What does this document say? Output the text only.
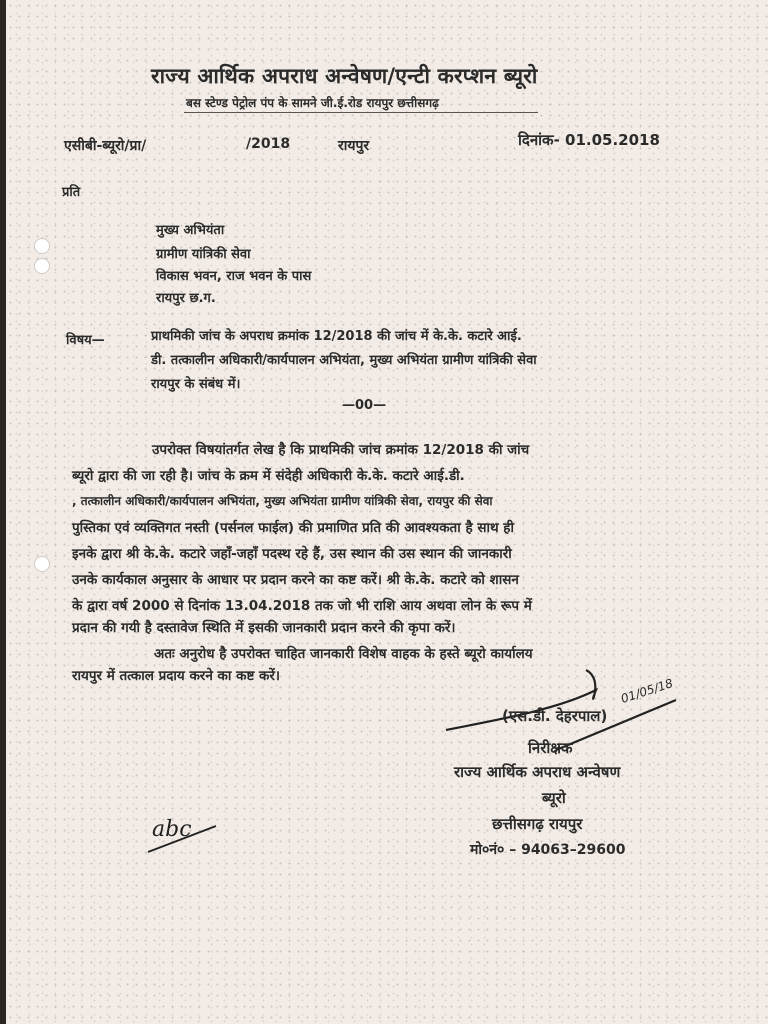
राज्य आर्थिक अपराध अन्वेषण/एन्टी करप्शन ब्यूरो
बस स्टेण्ड पेट्रोल पंप के सामने जी.ई.रोड रायपुर छत्तीसगढ़
एसीबी-ब्यूरो/प्रा/	/2018	रायपुर	दिनांक- 01.05.2018
प्रति
मुख्य अभियंता
ग्रामीण यांत्रिकी सेवा
विकास भवन, राज भवन के पास
रायपुर छ.ग.
विषय—	प्राथमिकी जांच के अपराध क्रमांक 12/2018 की जांच में के.के. कटारे आई.
डी. तत्कालीन अधिकारी/कार्यपालन अभियंता, मुख्य अभियंता ग्रामीण यांत्रिकी सेवा
रायपुर के संबंध में।
—00—
उपरोक्त विषयांतर्गत लेख है कि प्राथमिकी जांच क्रमांक 12/2018 की जांच
ब्यूरो द्वारा की जा रही है। जांच के क्रम में संदेही अधिकारी के.के. कटारे आई.डी.
, तत्कालीन अधिकारी/कार्यपालन अभियंता, मुख्य अभियंता ग्रामीण यांत्रिकी सेवा, रायपुर की सेवा
पुस्तिका एवं व्यक्तिगत नस्ती (पर्सनल फाईल) की प्रमाणित प्रति की आवश्यकता है साथ ही
इनके द्वारा श्री के.के. कटारे जहाँ-जहाँ पदस्थ रहे हैं, उस स्थान की उस स्थान की जानकारी
उनके कार्यकाल अनुसार के आधार पर प्रदान करने का कष्ट करें। श्री के.के. कटारे को शासन
के द्वारा वर्ष 2000 से दिनांक 13.04.2018 तक जो भी राशि आय अथवा लोन के रूप में
प्रदान की गयी है दस्तावेज स्थिति में इसकी जानकारी प्रदान करने की कृपा करें।
अतः अनुरोध है उपरोक्त चाहित जानकारी विशेष वाहक के हस्ते ब्यूरो कार्यालय
रायपुर में तत्काल प्रदाय करने का कष्ट करें।
(एस.डी. देहरपाल)
01/05/18
निरीक्षक
राज्य आर्थिक अपराध अन्वेषण
ब्यूरो
छत्तीसगढ़ रायपुर
मो०नं० – 94063–29600
abc
